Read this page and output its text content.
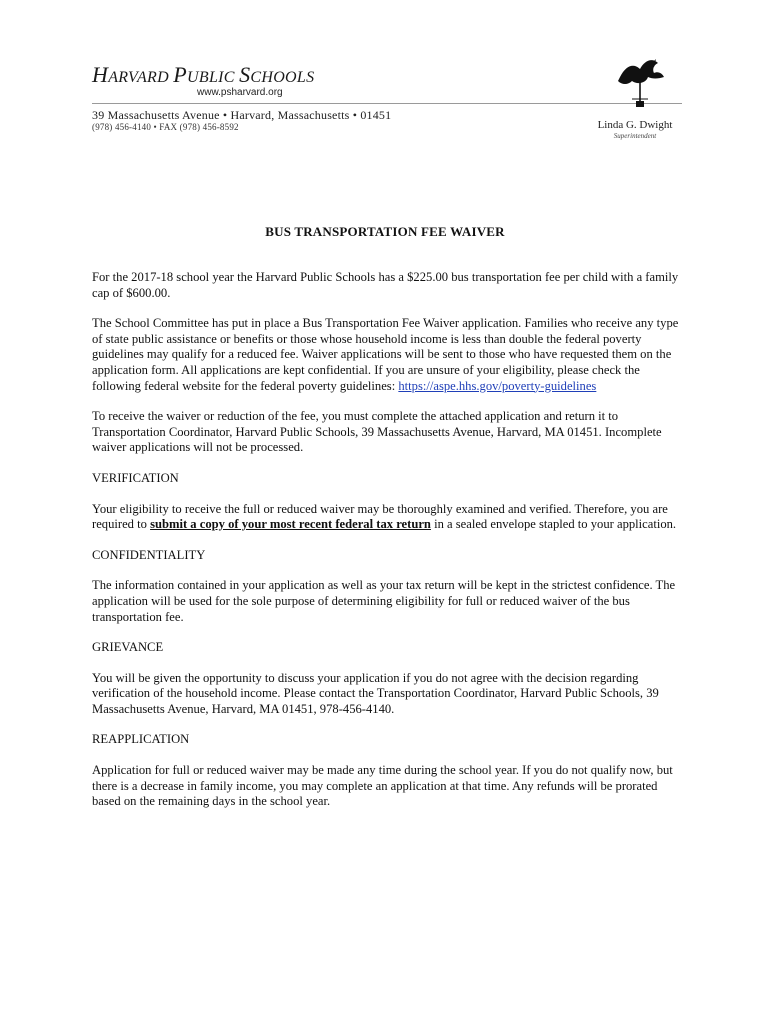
HARVARD PUBLIC SCHOOLS
www.psharvard.org
39 Massachusetts Avenue • Harvard, Massachusetts • 01451
(978) 456-4140 • FAX (978) 456-8592	Linda G. Dwight
Superintendent
BUS TRANSPORTATION FEE WAIVER

For the 2017-18 school year the Harvard Public Schools has a $225.00 bus transportation fee per child with a family cap of $600.00.

The School Committee has put in place a Bus Transportation Fee Waiver application. Families who receive any type of state public assistance or benefits or those whose household income is less than double the federal poverty guidelines may qualify for a reduced fee. Waiver applications will be sent to those who have requested them on the application form. All applications are kept confidential. If you are unsure of your eligibility, please check the following federal website for the federal poverty guidelines: https://aspe.hhs.gov/poverty-guidelines

To receive the waiver or reduction of the fee, you must complete the attached application and return it to Transportation Coordinator, Harvard Public Schools, 39 Massachusetts Avenue, Harvard, MA 01451. Incomplete waiver applications will not be processed.

VERIFICATION

Your eligibility to receive the full or reduced waiver may be thoroughly examined and verified. Therefore, you are required to submit a copy of your most recent federal tax return in a sealed envelope stapled to your application.

CONFIDENTIALITY

The information contained in your application as well as your tax return will be kept in the strictest confidence. The application will be used for the sole purpose of determining eligibility for full or reduced waiver of the bus transportation fee.

GRIEVANCE

You will be given the opportunity to discuss your application if you do not agree with the decision regarding verification of the household income. Please contact the Transportation Coordinator, Harvard Public Schools, 39 Massachusetts Avenue, Harvard, MA 01451, 978-456-4140.

REAPPLICATION

Application for full or reduced waiver may be made any time during the school year. If you do not qualify now, but there is a decrease in family income, you may complete an application at that time. Any refunds will be prorated based on the remaining days in the school year.
